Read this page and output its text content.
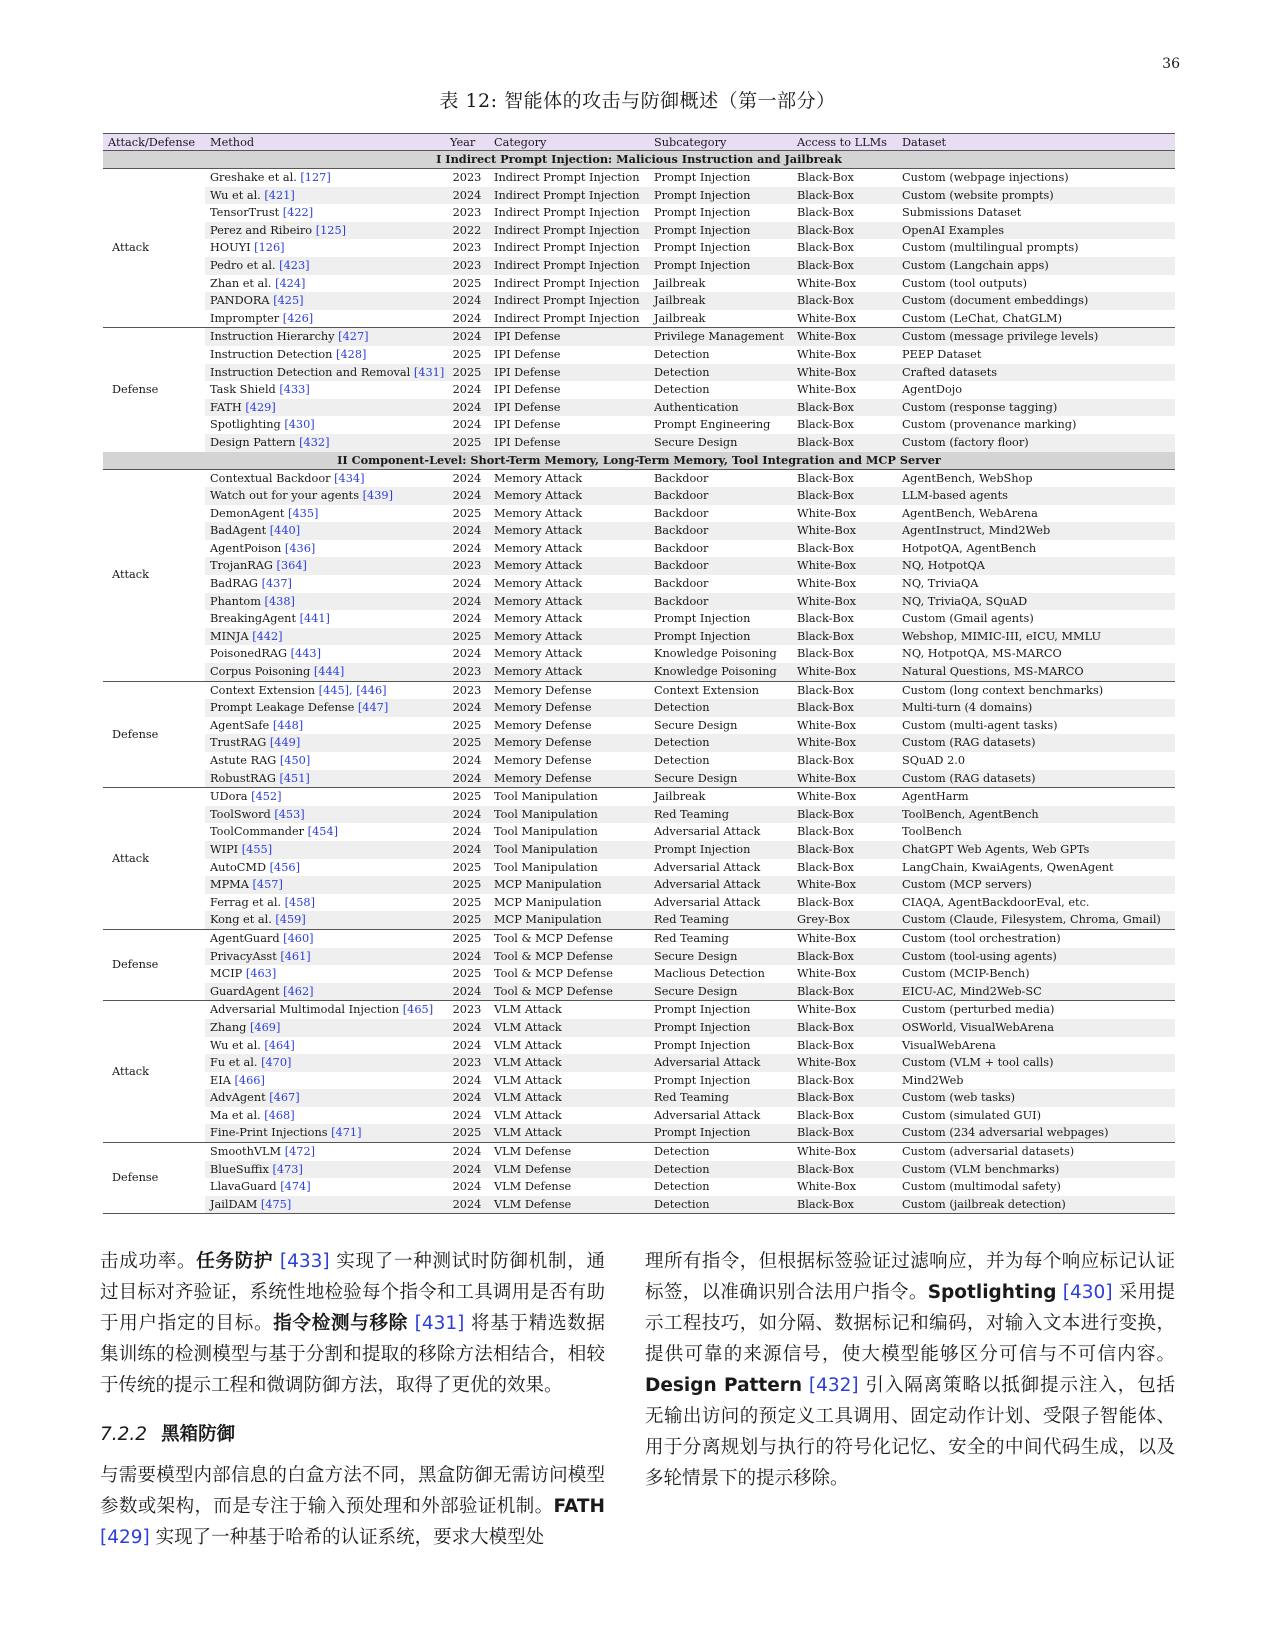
36
表 12: 智能体的攻击与防御概述（第一部分）
Attack/Defense	Method	Year	Category	Subcategory	Access to LLMs	Dataset
I Indirect Prompt Injection: Malicious Instruction and Jailbreak
Attack
Greshake et al. [127]	2023	Indirect Prompt Injection	Prompt Injection	Black-Box	Custom (webpage injections)
Wu et al. [421]	2024	Indirect Prompt Injection	Prompt Injection	Black-Box	Custom (website prompts)
TensorTrust [422]	2023	Indirect Prompt Injection	Prompt Injection	Black-Box	Submissions Dataset
Perez and Ribeiro [125]	2022	Indirect Prompt Injection	Prompt Injection	Black-Box	OpenAI Examples
HOUYI [126]	2023	Indirect Prompt Injection	Prompt Injection	Black-Box	Custom (multilingual prompts)
Pedro et al. [423]	2023	Indirect Prompt Injection	Prompt Injection	Black-Box	Custom (Langchain apps)
Zhan et al. [424]	2025	Indirect Prompt Injection	Jailbreak	White-Box	Custom (tool outputs)
PANDORA [425]	2024	Indirect Prompt Injection	Jailbreak	Black-Box	Custom (document embeddings)
Imprompter [426]	2024	Indirect Prompt Injection	Jailbreak	White-Box	Custom (LeChat, ChatGLM)
Defense
Instruction Hierarchy [427]	2024	IPI Defense	Privilege Management	White-Box	Custom (message privilege levels)
Instruction Detection [428]	2025	IPI Defense	Detection	White-Box	PEEP Dataset
Instruction Detection and Removal [431] 2025	IPI Defense	Detection	White-Box	Crafted datasets
Task Shield [433]	2024	IPI Defense	Detection	White-Box	AgentDojo
FATH [429]	2024	IPI Defense	Authentication	Black-Box	Custom (response tagging)
Spotlighting [430]	2024	IPI Defense	Prompt Engineering	Black-Box	Custom (provenance marking)
Design Pattern [432]	2025	IPI Defense	Secure Design	Black-Box	Custom (factory floor)
II Component-Level: Short-Term Memory, Long-Term Memory, Tool Integration and MCP Server
Attack
Contextual Backdoor [434]	2024	Memory Attack	Backdoor	Black-Box	AgentBench, WebShop
Watch out for your agents [439]	2024	Memory Attack	Backdoor	Black-Box	LLM-based agents
DemonAgent [435]	2025	Memory Attack	Backdoor	White-Box	AgentBench, WebArena
BadAgent [440]	2024	Memory Attack	Backdoor	White-Box	AgentInstruct, Mind2Web
AgentPoison [436]	2024	Memory Attack	Backdoor	Black-Box	HotpotQA, AgentBench
TrojanRAG [364]	2023	Memory Attack	Backdoor	White-Box	NQ, HotpotQA
BadRAG [437]	2024	Memory Attack	Backdoor	White-Box	NQ, TriviaQA
Phantom [438]	2024	Memory Attack	Backdoor	White-Box	NQ, TriviaQA, SQuAD
BreakingAgent [441]	2024	Memory Attack	Prompt Injection	Black-Box	Custom (Gmail agents)
MINJA [442]	2025	Memory Attack	Prompt Injection	Black-Box	Webshop, MIMIC-III, eICU, MMLU
PoisonedRAG [443]	2024	Memory Attack	Knowledge Poisoning	Black-Box	NQ, HotpotQA, MS-MARCO
Corpus Poisoning [444]	2023	Memory Attack	Knowledge Poisoning	White-Box	Natural Questions, MS-MARCO
Defense
Context Extension [445], [446]	2023	Memory Defense	Context Extension	Black-Box	Custom (long context benchmarks)
Prompt Leakage Defense [447]	2024	Memory Defense	Detection	Black-Box	Multi-turn (4 domains)
AgentSafe [448]	2025	Memory Defense	Secure Design	White-Box	Custom (multi-agent tasks)
TrustRAG [449]	2025	Memory Defense	Detection	White-Box	Custom (RAG datasets)
Astute RAG [450]	2024	Memory Defense	Detection	Black-Box	SQuAD 2.0
RobustRAG [451]	2024	Memory Defense	Secure Design	White-Box	Custom (RAG datasets)
Attack
UDora [452]	2025	Tool Manipulation	Jailbreak	White-Box	AgentHarm
ToolSword [453]	2024	Tool Manipulation	Red Teaming	Black-Box	ToolBench, AgentBench
ToolCommander [454]	2024	Tool Manipulation	Adversarial Attack	Black-Box	ToolBench
WIPI [455]	2024	Tool Manipulation	Prompt Injection	Black-Box	ChatGPT Web Agents, Web GPTs
AutoCMD [456]	2025	Tool Manipulation	Adversarial Attack	Black-Box	LangChain, KwaiAgents, QwenAgent
MPMA [457]	2025	MCP Manipulation	Adversarial Attack	White-Box	Custom (MCP servers)
Ferrag et al. [458]	2025	MCP Manipulation	Adversarial Attack	Black-Box	CIAQA, AgentBackdoorEval, etc.
Kong et al. [459]	2025	MCP Manipulation	Red Teaming	Grey-Box	Custom (Claude, Filesystem, Chroma, Gmail)
Defense
AgentGuard [460]	2025	Tool & MCP Defense	Red Teaming	White-Box	Custom (tool orchestration)
PrivacyAsst [461]	2024	Tool & MCP Defense	Secure Design	Black-Box	Custom (tool-using agents)
MCIP [463]	2025	Tool & MCP Defense	Maclious Detection	White-Box	Custom (MCIP-Bench)
GuardAgent [462]	2024	Tool & MCP Defense	Secure Design	Black-Box	EICU-AC, Mind2Web-SC
Attack
Adversarial Multimodal Injection [465]	2023	VLM Attack	Prompt Injection	White-Box	Custom (perturbed media)
Zhang [469]	2024	VLM Attack	Prompt Injection	Black-Box	OSWorld, VisualWebArena
Wu et al. [464]	2024	VLM Attack	Prompt Injection	Black-Box	VisualWebArena
Fu et al. [470]	2023	VLM Attack	Adversarial Attack	White-Box	Custom (VLM + tool calls)
EIA [466]	2024	VLM Attack	Prompt Injection	Black-Box	Mind2Web
AdvAgent [467]	2024	VLM Attack	Red Teaming	Black-Box	Custom (web tasks)
Ma et al. [468]	2024	VLM Attack	Adversarial Attack	Black-Box	Custom (simulated GUI)
Fine-Print Injections [471]	2025	VLM Attack	Prompt Injection	Black-Box	Custom (234 adversarial webpages)
Defense
SmoothVLM [472]	2024	VLM Defense	Detection	White-Box	Custom (adversarial datasets)
BlueSuffix [473]	2024	VLM Defense	Detection	Black-Box	Custom (VLM benchmarks)
LlavaGuard [474]	2024	VLM Defense	Detection	White-Box	Custom (multimodal safety)
JailDAM [475]	2024	VLM Defense	Detection	Black-Box	Custom (jailbreak detection)

击成功率。任务防护 [433] 实现了一种测试时防御机制，通过目标对齐验证，系统性地检验每个指令和工具调用是否有助于用户指定的目标。指令检测与移除 [431] 将基于精选数据集训练的检测模型与基于分割和提取的移除方法相结合，相较于传统的提示工程和微调防御方法，取得了更优的效果。

7.2.2 黑箱防御

与需要模型内部信息的白盒方法不同，黑盒防御无需访问模型参数或架构，而是专注于输入预处理和外部验证机制。FATH [429] 实现了一种基于哈希的认证系统，要求大模型处

理所有指令，但根据标签验证过滤响应，并为每个响应标记认证标签，以准确识别合法用户指令。Spotlighting [430] 采用提示工程技巧，如分隔、数据标记和编码，对输入文本进行变换，提供可靠的来源信号，使大模型能够区分可信与不可信内容。Design Pattern [432] 引入隔离策略以抵御提示注入，包括无输出访问的预定义工具调用、固定动作计划、受限子智能体、用于分离规划与执行的符号化记忆、安全的中间代码生成，以及多轮情景下的提示移除。
